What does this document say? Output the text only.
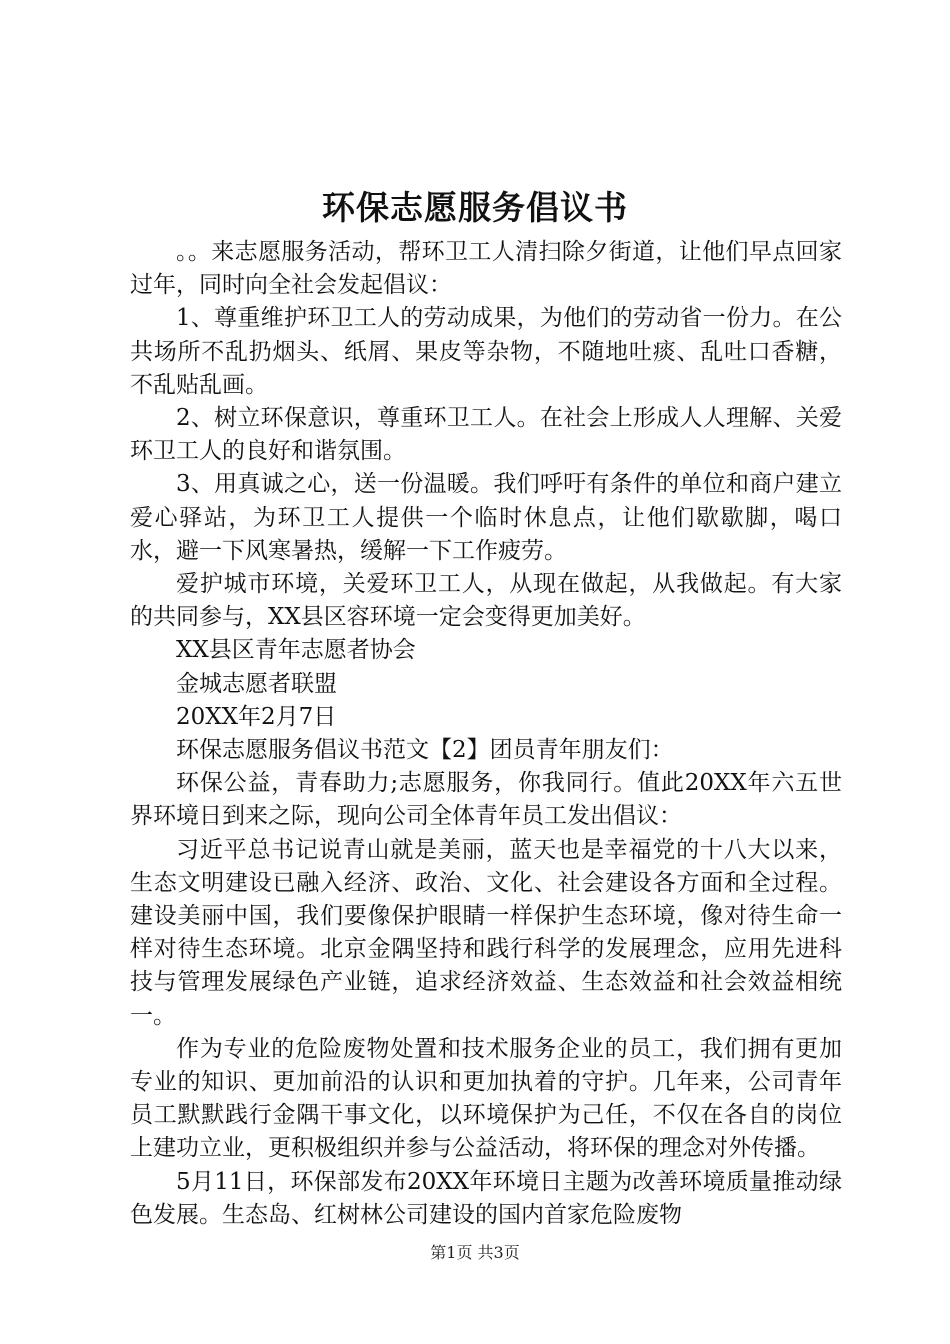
环保志愿服务倡议书

。。来志愿服务活动，帮环卫工人清扫除夕街道，让他们早点回家过年，同时向全社会发起倡议：

1、尊重维护环卫工人的劳动成果，为他们的劳动省一份力。在公共场所不乱扔烟头、纸屑、果皮等杂物，不随地吐痰、乱吐口香糖，不乱贴乱画。

2、树立环保意识，尊重环卫工人。在社会上形成人人理解、关爱环卫工人的良好和谐氛围。

3、用真诚之心，送一份温暖。我们呼吁有条件的单位和商户建立爱心驿站，为环卫工人提供一个临时休息点，让他们歇歇脚，喝口水，避一下风寒暑热，缓解一下工作疲劳。

爱护城市环境，关爱环卫工人，从现在做起，从我做起。有大家的共同参与，XX县区容环境一定会变得更加美好。

XX县区青年志愿者协会

金城志愿者联盟

20XX年2月7日

环保志愿服务倡议书范文【2】团员青年朋友们：

环保公益，青春助力;志愿服务，你我同行。值此20XX年六五世界环境日到来之际，现向公司全体青年员工发出倡议：

习近平总书记说青山就是美丽，蓝天也是幸福党的十八大以来，生态文明建设已融入经济、政治、文化、社会建设各方面和全过程。建设美丽中国，我们要像保护眼睛一样保护生态环境，像对待生命一样对待生态环境。北京金隅坚持和践行科学的发展理念，应用先进科技与管理发展绿色产业链，追求经济效益、生态效益和社会效益相统一。

作为专业的危险废物处置和技术服务企业的员工，我们拥有更加专业的知识、更加前沿的认识和更加执着的守护。几年来，公司青年员工默默践行金隅干事文化，以环境保护为己任，不仅在各自的岗位上建功立业，更积极组织并参与公益活动，将环保的理念对外传播。

5月11日，环保部发布20XX年环境日主题为改善环境质量推动绿色发展。生态岛、红树林公司建设的国内首家危险废物

第1页 共3页
